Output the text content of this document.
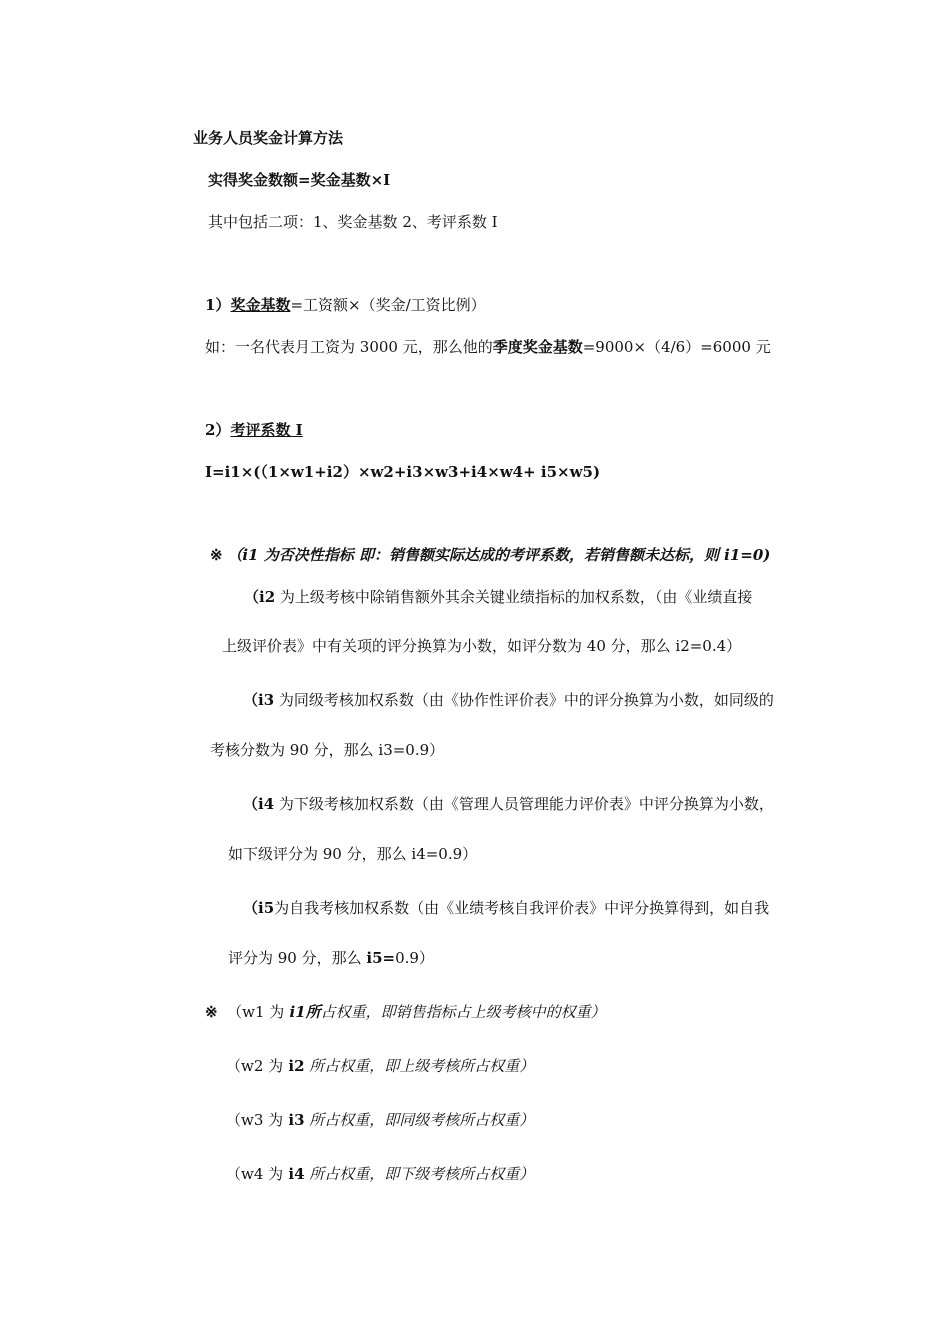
业务人员奖金计算方法
实得奖金数额=奖金基数×I
其中包括二项：1、奖金基数 2、考评系数 I
1）奖金基数=工资额×（奖金/工资比例）
如：一名代表月工资为 3000 元，那么他的季度奖金基数=9000×（4/6）=6000 元
2）考评系数 I
I=i1×(（1×w1+i2）×w2+i3×w3+i4×w4+ i5×w5)
※ （i1 为否决性指标 即：销售额实际达成的考评系数，若销售额未达标，则 i1=0)
（i2 为上级考核中除销售额外其余关键业绩指标的加权系数，（由《业绩直接
上级评价表》中有关项的评分换算为小数，如评分数为 40 分，那么 i2=0.4）
（i3 为同级考核加权系数（由《协作性评价表》中的评分换算为小数，如同级的
考核分数为 90 分，那么 i3=0.9）
（i4 为下级考核加权系数（由《管理人员管理能力评价表》中评分换算为小数，
如下级评分为 90 分，那么 i4=0.9）
（i5为自我考核加权系数（由《业绩考核自我评价表》中评分换算得到，如自我
评分为 90 分，那么 i5=0.9）
※ （w1 为 i1所占权重，即销售指标占上级考核中的权重）
（w2 为 i2 所占权重，即上级考核所占权重）
（w3 为 i3 所占权重，即同级考核所占权重）
（w4 为 i4 所占权重，即下级考核所占权重）
